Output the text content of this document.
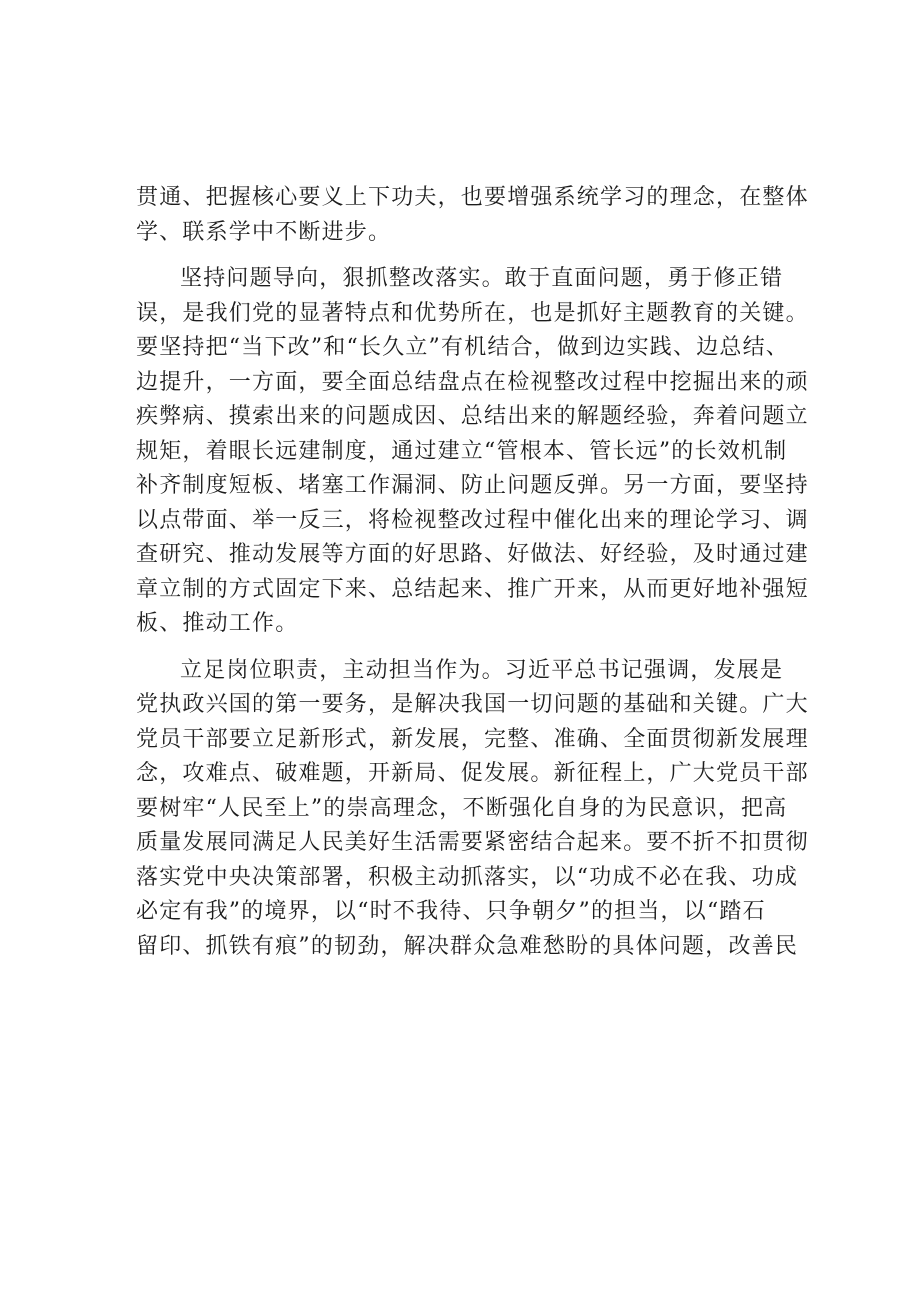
贯通、把握核心要义上下功夫，也要增强系统学习的理念，在整体
学、联系学中不断进步。
坚持问题导向，狠抓整改落实。敢于直面问题，勇于修正错
误，是我们党的显著特点和优势所在，也是抓好主题教育的关键。
要坚持把“当下改”和“长久立”有机结合，做到边实践、边总结、
边提升，一方面，要全面总结盘点在检视整改过程中挖掘出来的顽
疾弊病、摸索出来的问题成因、总结出来的解题经验，奔着问题立
规矩，着眼长远建制度，通过建立“管根本、管长远”的长效机制
补齐制度短板、堵塞工作漏洞、防止问题反弹。另一方面，要坚持
以点带面、举一反三，将检视整改过程中催化出来的理论学习、调
查研究、推动发展等方面的好思路、好做法、好经验，及时通过建
章立制的方式固定下来、总结起来、推广开来，从而更好地补强短
板、推动工作。
立足岗位职责，主动担当作为。习近平总书记强调，发展是
党执政兴国的第一要务，是解决我国一切问题的基础和关键。广大
党员干部要立足新形式，新发展，完整、准确、全面贯彻新发展理
念，攻难点、破难题，开新局、促发展。新征程上，广大党员干部
要树牢“人民至上”的崇高理念，不断强化自身的为民意识，把高
质量发展同满足人民美好生活需要紧密结合起来。要不折不扣贯彻
落实党中央决策部署，积极主动抓落实，以“功成不必在我、功成
必定有我”的境界，以“时不我待、只争朝夕”的担当，以“踏石
留印、抓铁有痕”的韧劲，解决群众急难愁盼的具体问题，改善民
